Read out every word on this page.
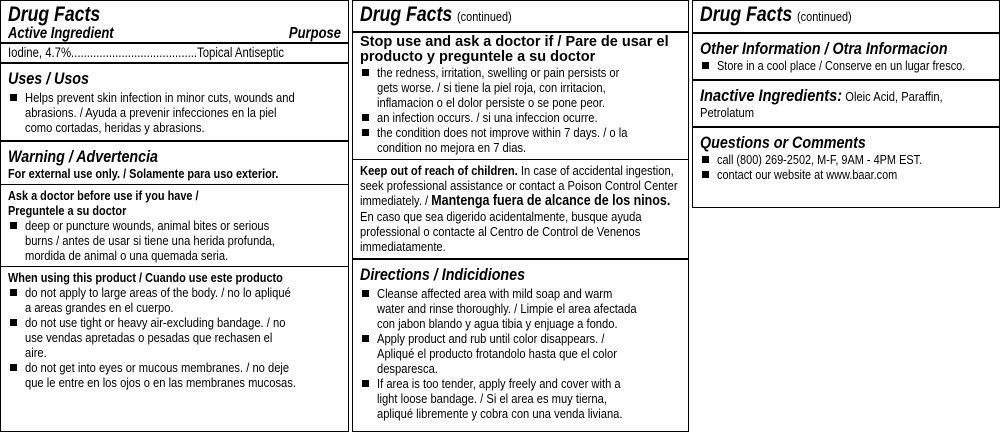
Drug Facts
Active Ingredient	Purpose
Iodine, 4.7%........................................Topical Antiseptic
Uses / Usos
Helps prevent skin infection in minor cuts, wounds and abrasions. / Ayuda a prevenir infecciones en la piel como cortadas, heridas y abrasions.
Warning / Advertencia
For external use only. / Solamente para uso exterior.
Ask a doctor before use if you have /
Preguntele a su doctor
deep or puncture wounds, animal bites or serious burns / antes de usar si tiene una herida profunda, mordida de animal o una quemada seria.
When using this product / Cuando use este producto
do not apply to large areas of the body. / no lo apliqué a areas grandes en el cuerpo.
do not use tight or heavy air-excluding bandage. / no use vendas apretadas o pesadas que rechasen el aire.
do not get into eyes or mucous membranes. / no deje que le entre en los ojos o en las membranes mucosas.
Drug Facts (continued)
Stop use and ask a doctor if / Pare de usar el producto y preguntele a su doctor
the redness, irritation, swelling or pain persists or gets worse. / si tiene la piel roja, con irritacion, inflamacion o el dolor persiste o se pone peor.
an infection occurs. / si una infeccion ocurre.
the condition does not improve within 7 days. / o la condition no mejora en 7 dias.
Keep out of reach of children. In case of accidental ingestion, seek professional assistance or contact a Poison Control Center immediately. / Mantenga fuera de alcance de los ninos. En caso que sea digerido acidentalmente, busque ayuda professional o contacte al Centro de Control de Venenos immediatamente.
Directions / Indicidiones
Cleanse affected area with mild soap and warm water and rinse thoroughly. / Limpie el area afectada con jabon blando y agua tibia y enjuage a fondo.
Apply product and rub until color disappears. / Apliqué el producto frotandolo hasta que el color desparesca.
If area is too tender, apply freely and cover with a light loose bandage. / Si el area es muy tierna, apliqué librementе y cobra con una venda liviana.
Drug Facts (continued)
Other Information / Otra Informacion
Store in a cool place / Conserve en un lugar fresco.
Inactive Ingredients: Oleic Acid, Paraffin, Petrolatum
Questions or Comments
call (800) 269-2502, M-F, 9AM - 4PM EST.
contact our website at www.baar.com
